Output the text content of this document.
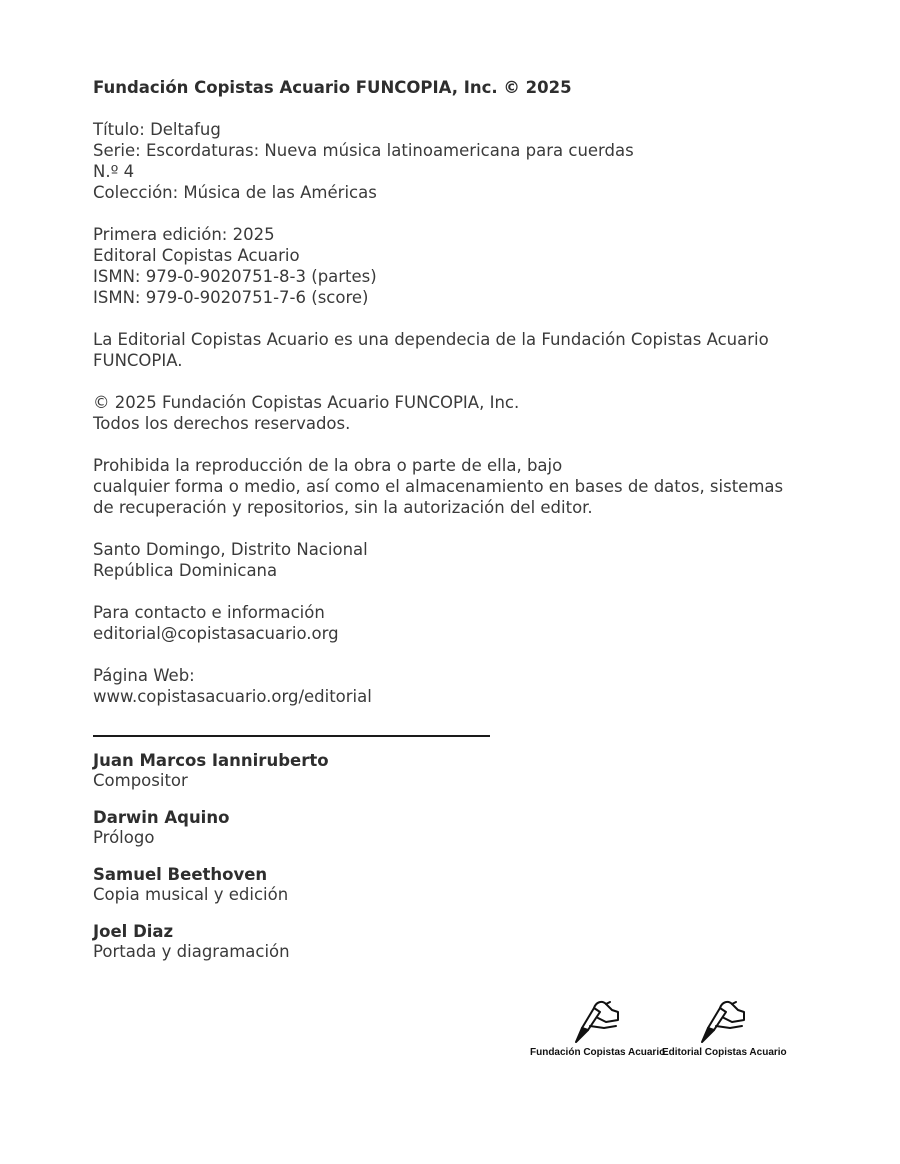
Fundación Copistas Acuario FUNCOPIA, Inc. © 2025
Título: Deltafug
Serie: Escordaturas: Nueva música latinoamericana para cuerdas
N.º 4
Colección: Música de las Américas
Primera edición: 2025
Editoral Copistas Acuario
ISMN: 979-0-9020751-8-3 (partes)
ISMN: 979-0-9020751-7-6 (score)
La Editorial Copistas Acuario es una dependecia de la Fundación Copistas Acuario
FUNCOPIA.
© 2025 Fundación Copistas Acuario FUNCOPIA, Inc.
Todos los derechos reservados.
Prohibida la reproducción de la obra o parte de ella, bajo
cualquier forma o medio, así como el almacenamiento en bases de datos, sistemas
de recuperación y repositorios, sin la autorización del editor.
Santo Domingo, Distrito Nacional
República Dominicana
Para contacto e información
editorial@copistasacuario.org
Página Web:
www.copistasacuario.org/editorial
Juan Marcos Ianniruberto
Compositor
Darwin Aquino
Prólogo
Samuel Beethoven
Copia musical y edición
Joel Diaz
Portada y diagramación
Fundación Copistas Acuario
Editorial Copistas Acuario
